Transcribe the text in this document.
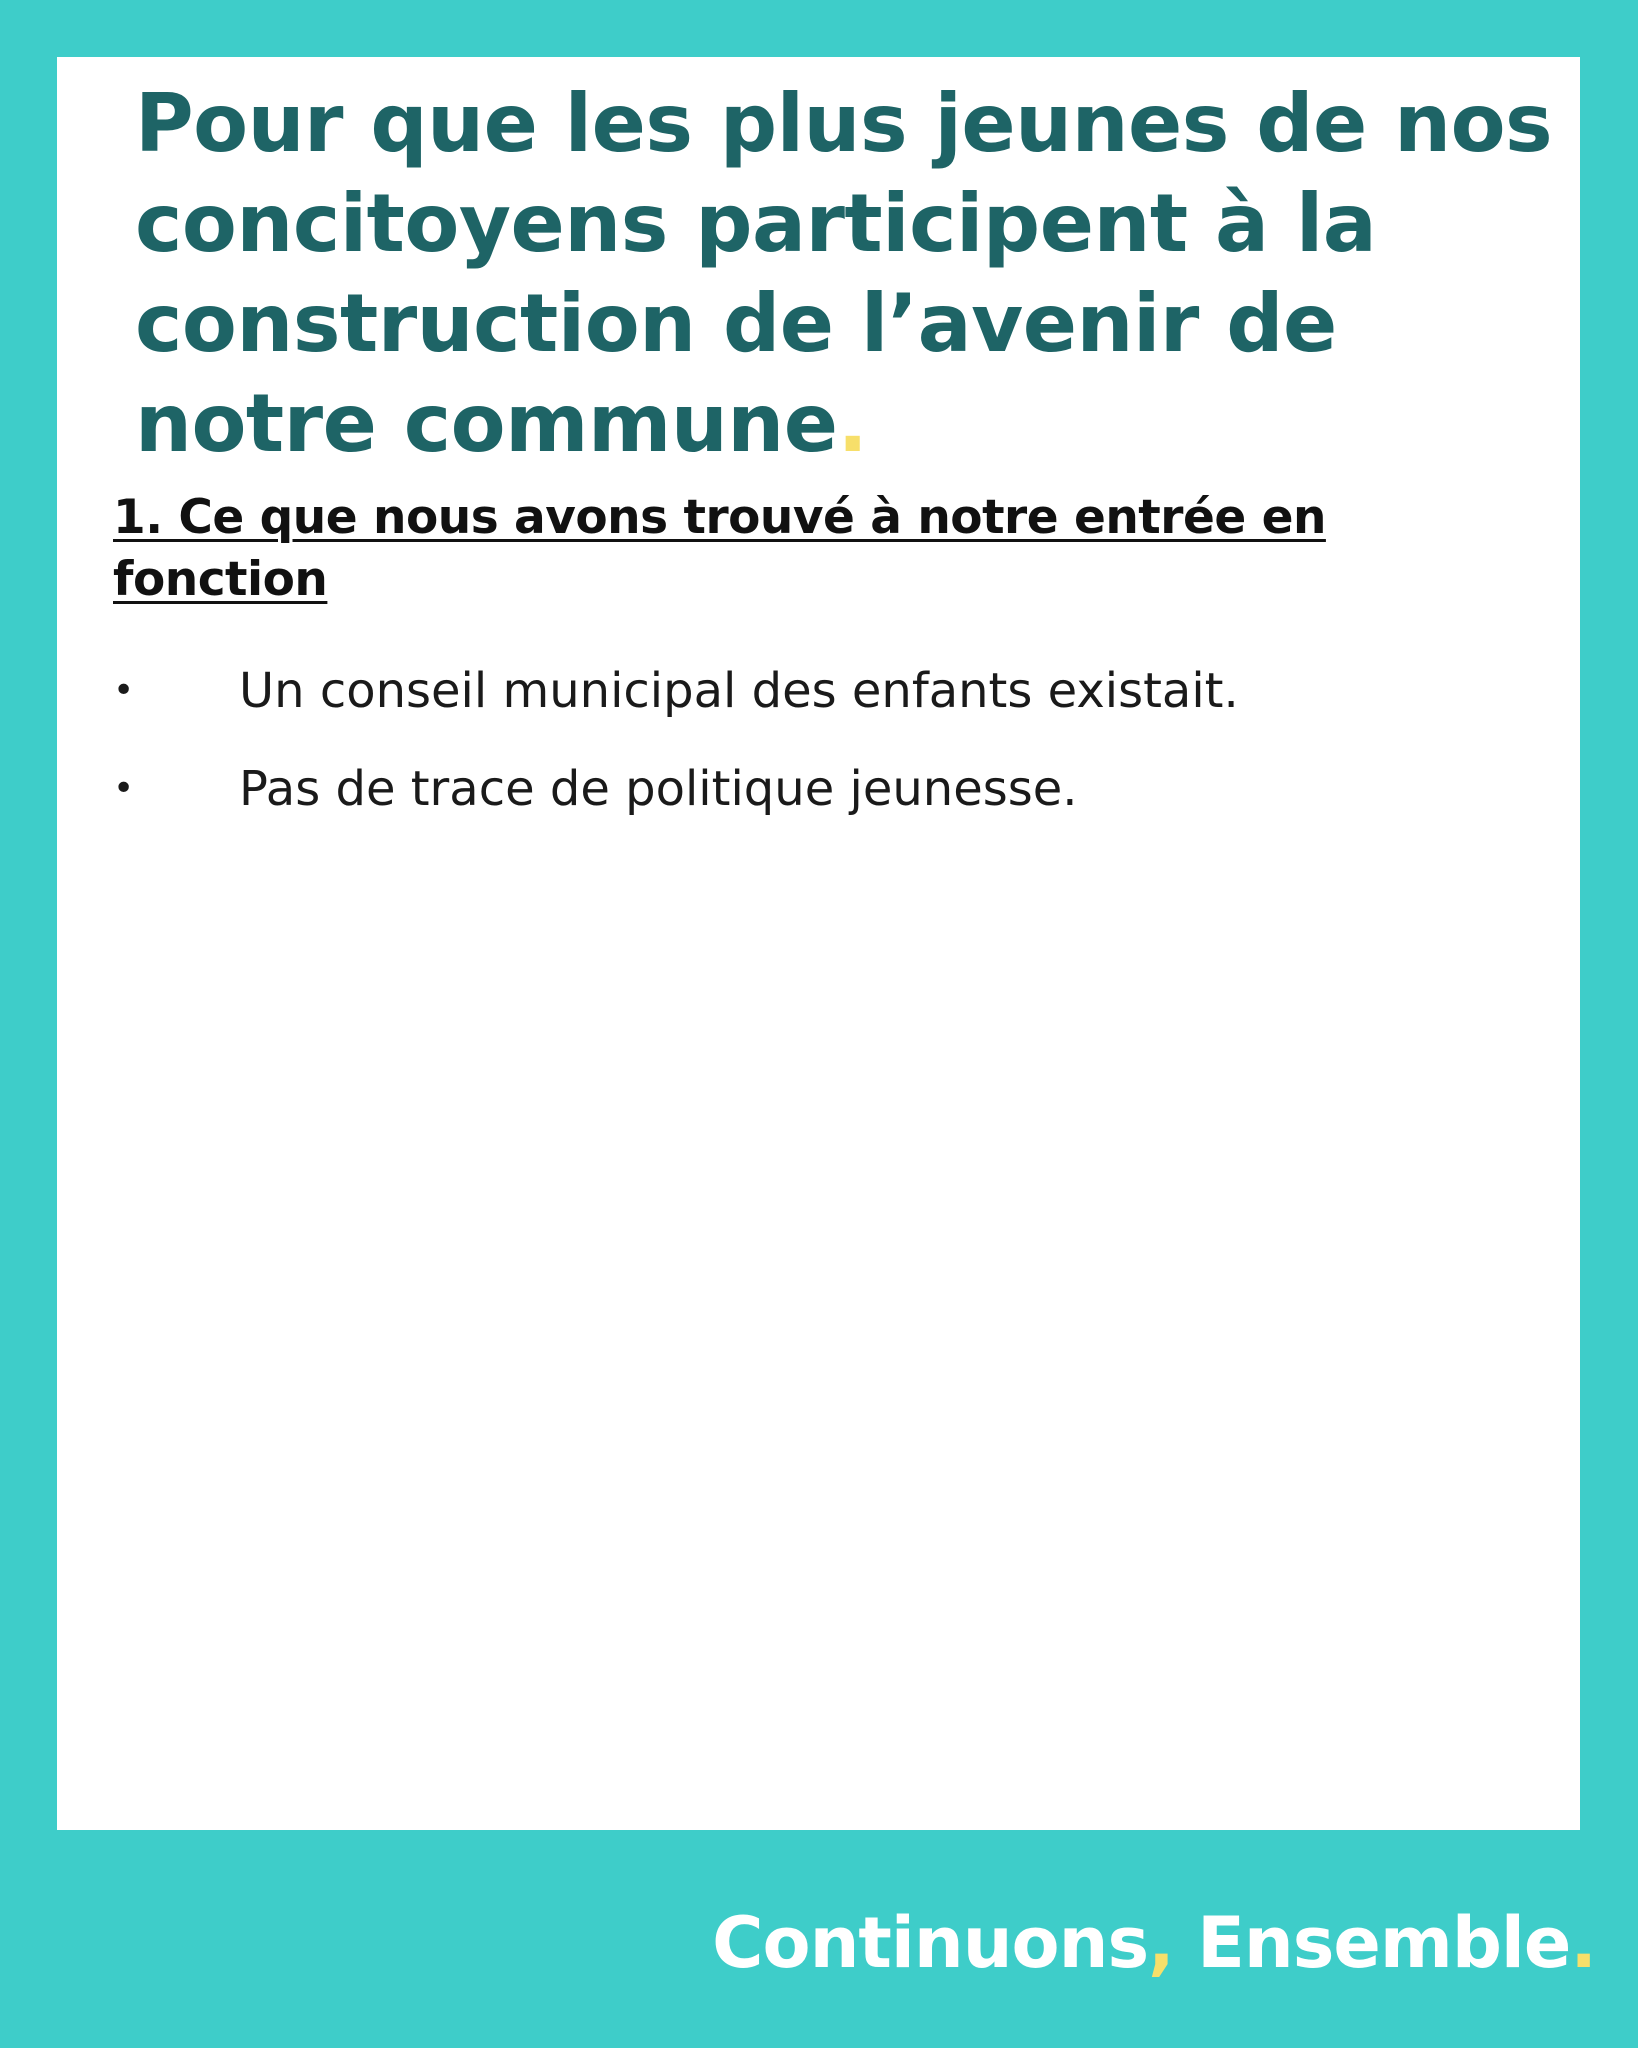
Pour que les plus jeunes de nos concitoyens participent à la construction de l’avenir de notre commune.
1. Ce que nous avons trouvé à notre entrée en fonction
•	Un conseil municipal des enfants existait.
•	Pas de trace de politique jeunesse.
Continuons, Ensemble.
